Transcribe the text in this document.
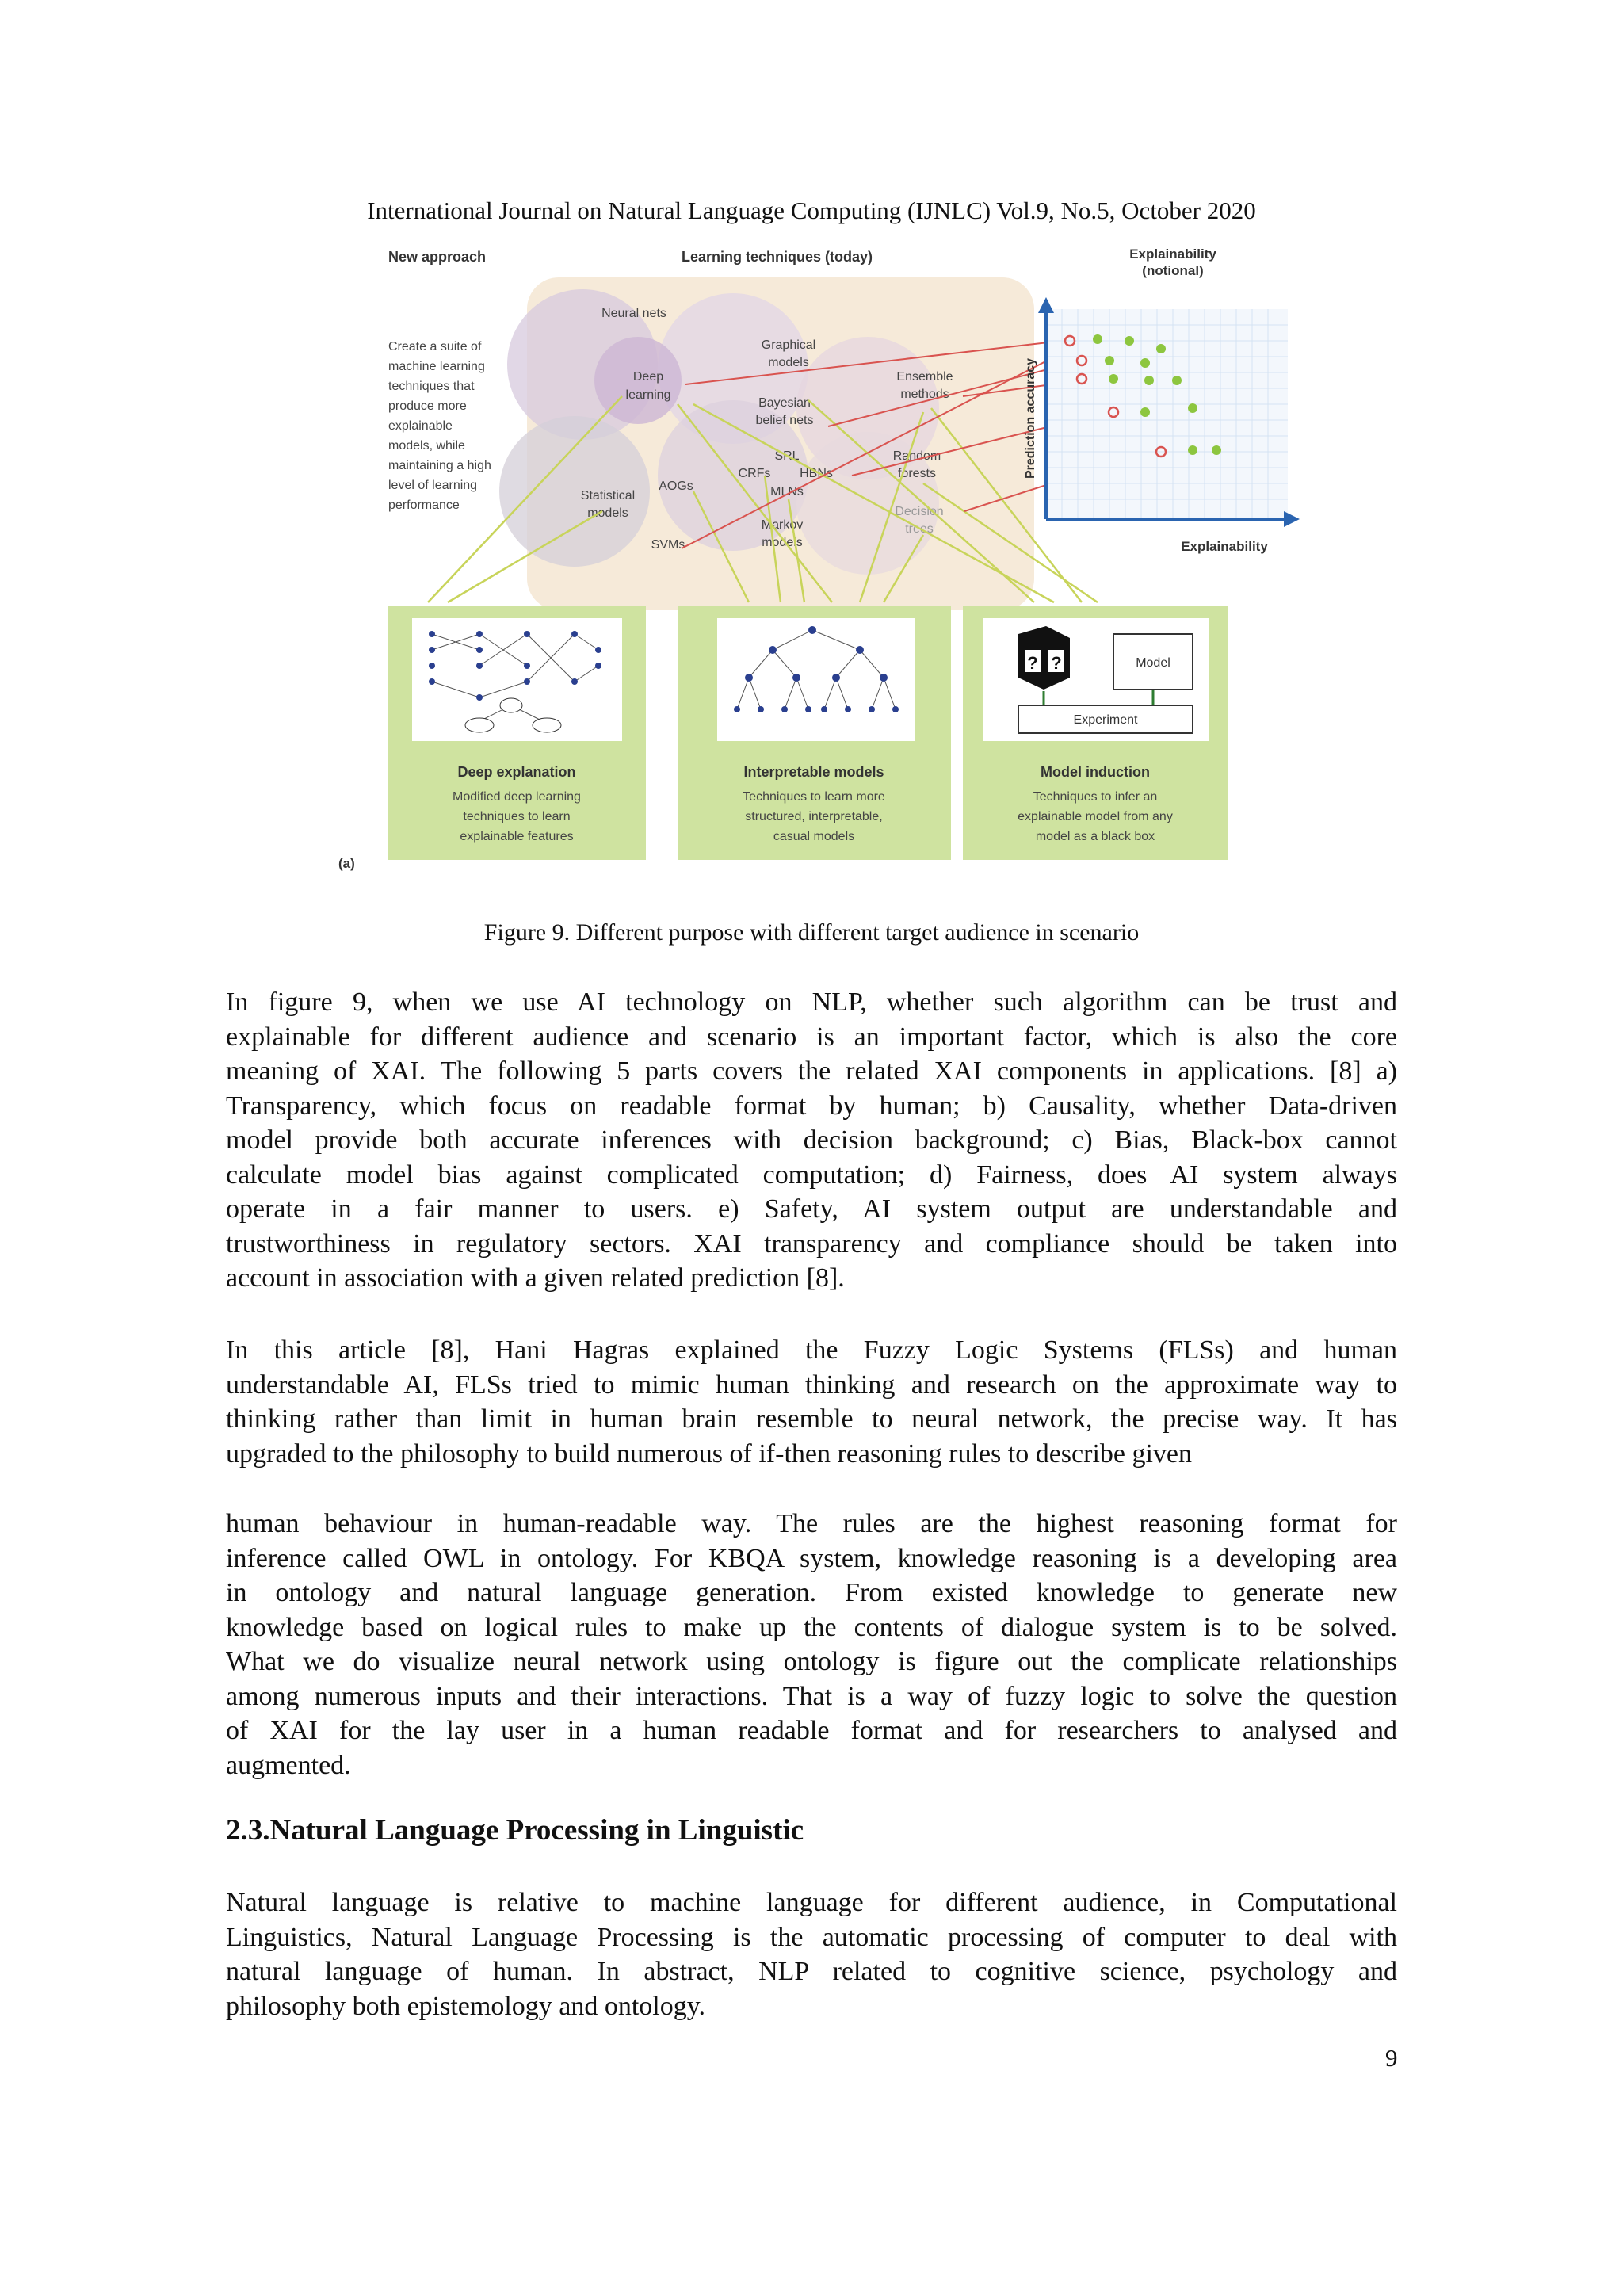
International Journal on Natural Language Computing (IJNLC) Vol.9, No.5, October 2020
New approach	Learning techniques (today)	Explainability
(notional)
Create a suite of
machine learning
techniques that
produce more
explainable
models, while
maintaining a high
level of learning
performance
Neural nets
Deep
learning
Graphical
models
Bayesian
belief nets
Ensemble
methods
SRL
CRFs HBNs
MLNs
Random
forests
Statistical
models
AOGs
SVMs
Markov
models
Decision
trees
Prediction accuracy
Explainability
Deep explanation
Modified deep learning
techniques to learn
explainable features
Interpretable models
Techniques to learn more
structured, interpretable,
casual models
? ?	Model
Experiment
Model induction
Techniques to infer an
explainable model from any
model as a black box
(a)
Figure 9. Different purpose with different target audience in scenario
In figure 9, when we use AI technology on NLP, whether such algorithm can be trust and
explainable for different audience and scenario is an important factor, which is also the core
meaning of XAI. The following 5 parts covers the related XAI components in applications. [8] a)
Transparency, which focus on readable format by human; b) Causality, whether Data-driven
model provide both accurate inferences with decision background; c) Bias, Black-box cannot
calculate model bias against complicated computation; d) Fairness, does AI system always
operate in a fair manner to users. e) Safety, AI system output are understandable and
trustworthiness in regulatory sectors. XAI transparency and compliance should be taken into
account in association with a given related prediction [8].
In this article [8], Hani Hagras explained the Fuzzy Logic Systems (FLSs) and human
understandable AI, FLSs tried to mimic human thinking and research on the approximate way to
thinking rather than limit in human brain resemble to neural network, the precise way. It has
upgraded to the philosophy to build numerous of if-then reasoning rules to describe given
human behaviour in human-readable way. The rules are the highest reasoning format for
inference called OWL in ontology. For KBQA system, knowledge reasoning is a developing area
in ontology and natural language generation. From existed knowledge to generate new
knowledge based on logical rules to make up the contents of dialogue system is to be solved.
What we do visualize neural network using ontology is figure out the complicate relationships
among numerous inputs and their interactions. That is a way of fuzzy logic to solve the question
of XAI for the lay user in a human readable format and for researchers to analysed and
augmented.
2.3.Natural Language Processing in Linguistic
Natural language is relative to machine language for different audience, in Computational
Linguistics, Natural Language Processing is the automatic processing of computer to deal with
natural language of human. In abstract, NLP related to cognitive science, psychology and
philosophy both epistemology and ontology.
9
